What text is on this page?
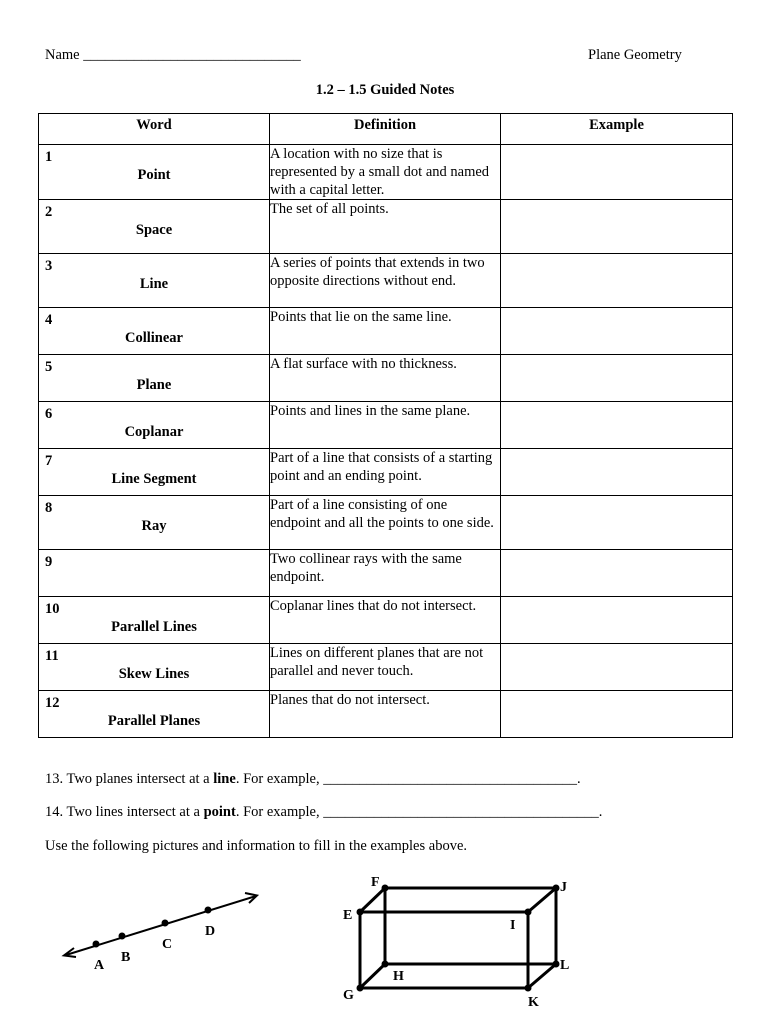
Name ______________________________	Plane Geometry
1.2 – 1.5 Guided Notes
Word	Definition	Example

1
Point	A location with no size that is represented by a small dot and named with a capital letter.	

2
Space	The set of all points.	

3
Line	A series of points that extends in two opposite directions without end.	

4
Collinear	Points that lie on the same line.	

5
Plane	A flat surface with no thickness.	

6
Coplanar	Points and lines in the same plane.	

7
Line Segment	Part of a line that consists of a starting point and an ending point.	

8
Ray	Part of a line consisting of one endpoint and all the points to one side.	

9	Two collinear rays with the same endpoint.	

10
Parallel Lines	Coplanar lines that do not intersect.	

11
Skew Lines	Lines on different planes that are not parallel and never touch.	

12
Parallel Planes	Planes that do not intersect.	
13. Two planes intersect at a line. For example, ___________________________________.
14. Two lines intersect at a point. For example, ______________________________________.
Use the following pictures and information to fill in the examples above.
A
B
C
D
F	J
E
I
H
L
G	K
